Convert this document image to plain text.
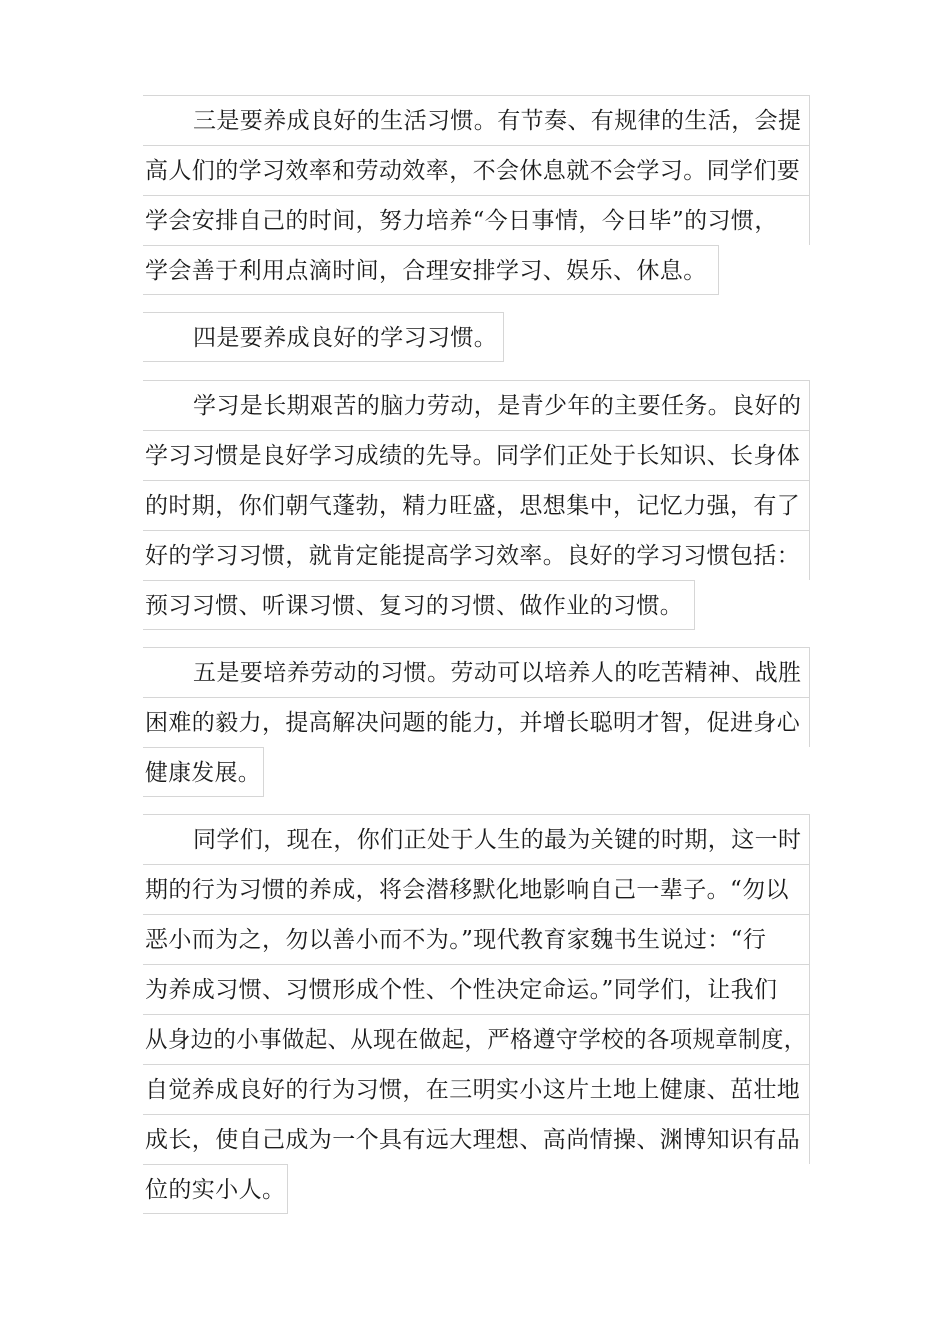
三是要养成良好的生活习惯。有节奏、有规律的生活，会提
高人们的学习效率和劳动效率，不会休息就不会学习。同学们要
学会安排自己的时间，努力培养“今日事情，今日毕”的习惯，
学会善于利用点滴时间，合理安排学习、娱乐、休息。
四是要养成良好的学习习惯。
学习是长期艰苦的脑力劳动，是青少年的主要任务。良好的
学习习惯是良好学习成绩的先导。同学们正处于长知识、长身体
的时期，你们朝气蓬勃，精力旺盛，思想集中，记忆力强，有了
好的学习习惯，就肯定能提高学习效率。良好的学习习惯包括：
预习习惯、听课习惯、复习的习惯、做作业的习惯。
五是要培养劳动的习惯。劳动可以培养人的吃苦精神、战胜
困难的毅力，提高解决问题的能力，并增长聪明才智，促进身心
健康发展。
同学们，现在，你们正处于人生的最为关键的时期，这一时
期的行为习惯的养成，将会潜移默化地影响自己一辈子。“勿以
恶小而为之，勿以善小而不为。”现代教育家魏书生说过：“行
为养成习惯、习惯形成个性、个性决定命运。”同学们，让我们
从身边的小事做起、从现在做起，严格遵守学校的各项规章制度，
自觉养成良好的行为习惯，在三明实小这片土地上健康、茁壮地
成长，使自己成为一个具有远大理想、高尚情操、渊博知识有品
位的实小人。
